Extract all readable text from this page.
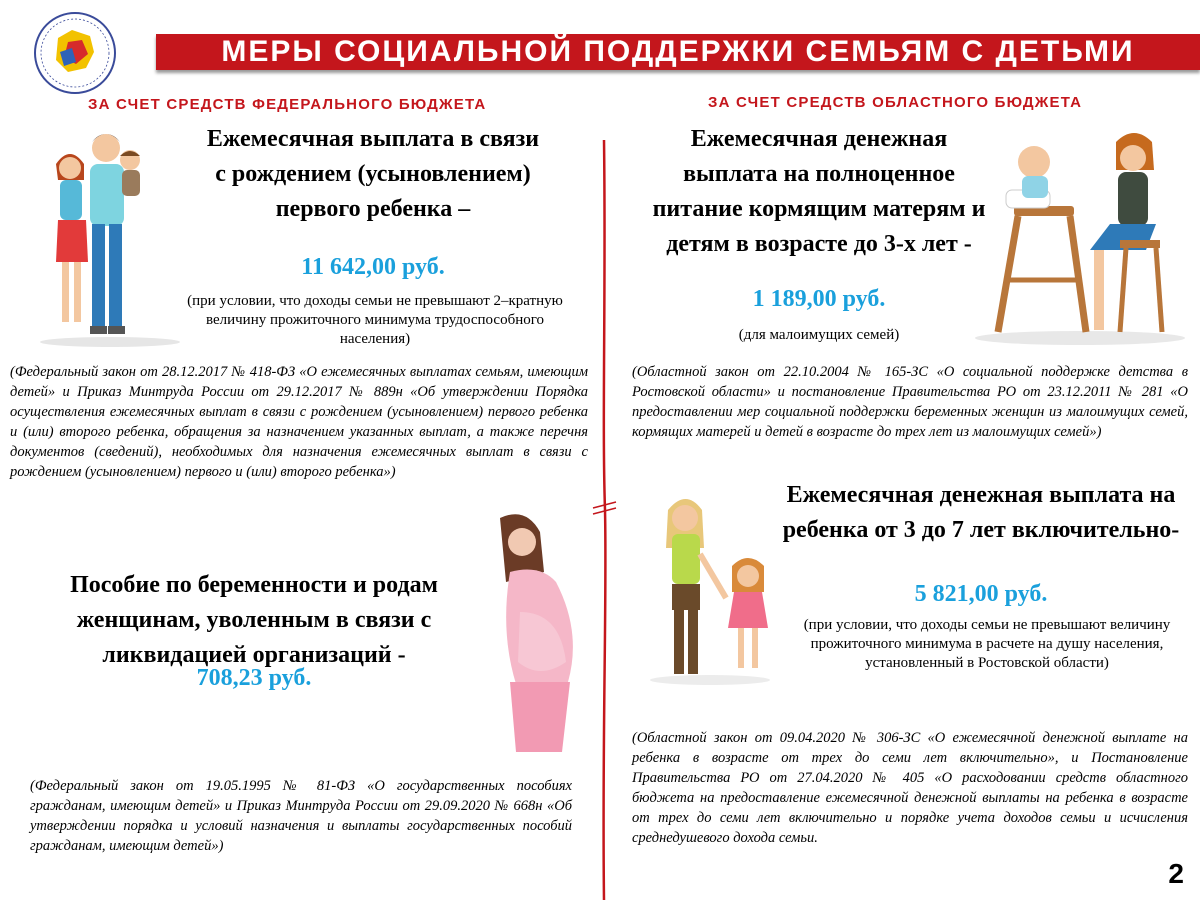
МЕРЫ СОЦИАЛЬНОЙ ПОДДЕРЖКИ СЕМЬЯМ С ДЕТЬМИ
ЗА СЧЕТ СРЕДСТВ ФЕДЕРАЛЬНОГО БЮДЖЕТА	ЗА СЧЕТ СРЕДСТВ ОБЛАСТНОГО БЮДЖЕТА
Ежемесячная выплата в связи с рождением (усыновлением) первого ребенка –
11 642,00 руб.
(при условии, что доходы семьи не превышают 2–кратную величину прожиточного минимума трудоспособного населения)
(Федеральный закон от 28.12.2017 № 418-ФЗ «О ежемесячных выплатах семьям, имеющим детей» и Приказ Минтруда России от 29.12.2017 № 889н «Об утверждении Порядка осуществления ежемесячных выплат в связи с рождением (усыновлением) первого ребенка и (или) второго ребенка, обращения за назначением указанных выплат, а также перечня документов (сведений), необходимых для назначения ежемесячных выплат в связи с рождением (усыновлением) первого и (или) второго ребенка»)
Ежемесячная денежная выплата на полноценное питание кормящим матерям и детям в возрасте до 3-х лет -
1 189,00 руб.
(для малоимущих семей)
(Областной закон от 22.10.2004 № 165-ЗС «О социальной поддержке детства в Ростовской области» и постановление Правительства РО от 23.12.2011 № 281 «О предоставлении мер социальной поддержки беременных женщин из малоимущих семей, кормящих матерей и детей в возрасте до трех лет из малоимущих семей»)
Пособие по беременности и родам женщинам, уволенным в связи с ликвидацией организаций -
708,23 руб.
(Федеральный закон от 19.05.1995 № 81-ФЗ «О государственных пособиях гражданам, имеющим детей» и Приказ Минтруда России от 29.09.2020 № 668н «Об утверждении порядка и условий назначения и выплаты государственных пособий гражданам, имеющим детей»)
Ежемесячная денежная выплата на ребенка от 3 до 7 лет включительно-
5 821,00 руб.
(при условии, что доходы семьи не превышают величину прожиточного минимума в расчете на душу населения, установленный в Ростовской области)
(Областной закон от 09.04.2020 № 306-ЗС «О ежемесячной денежной выплате на ребенка в возрасте от трех до семи лет включительно», и Постановление Правительства РО от 27.04.2020 № 405 «О расходовании средств областного бюджета на предоставление ежемесячной денежной выплаты на ребенка в возрасте от трех до семи лет включительно и порядке учета доходов семьи и исчисления среднедушевого дохода семьи.
2
